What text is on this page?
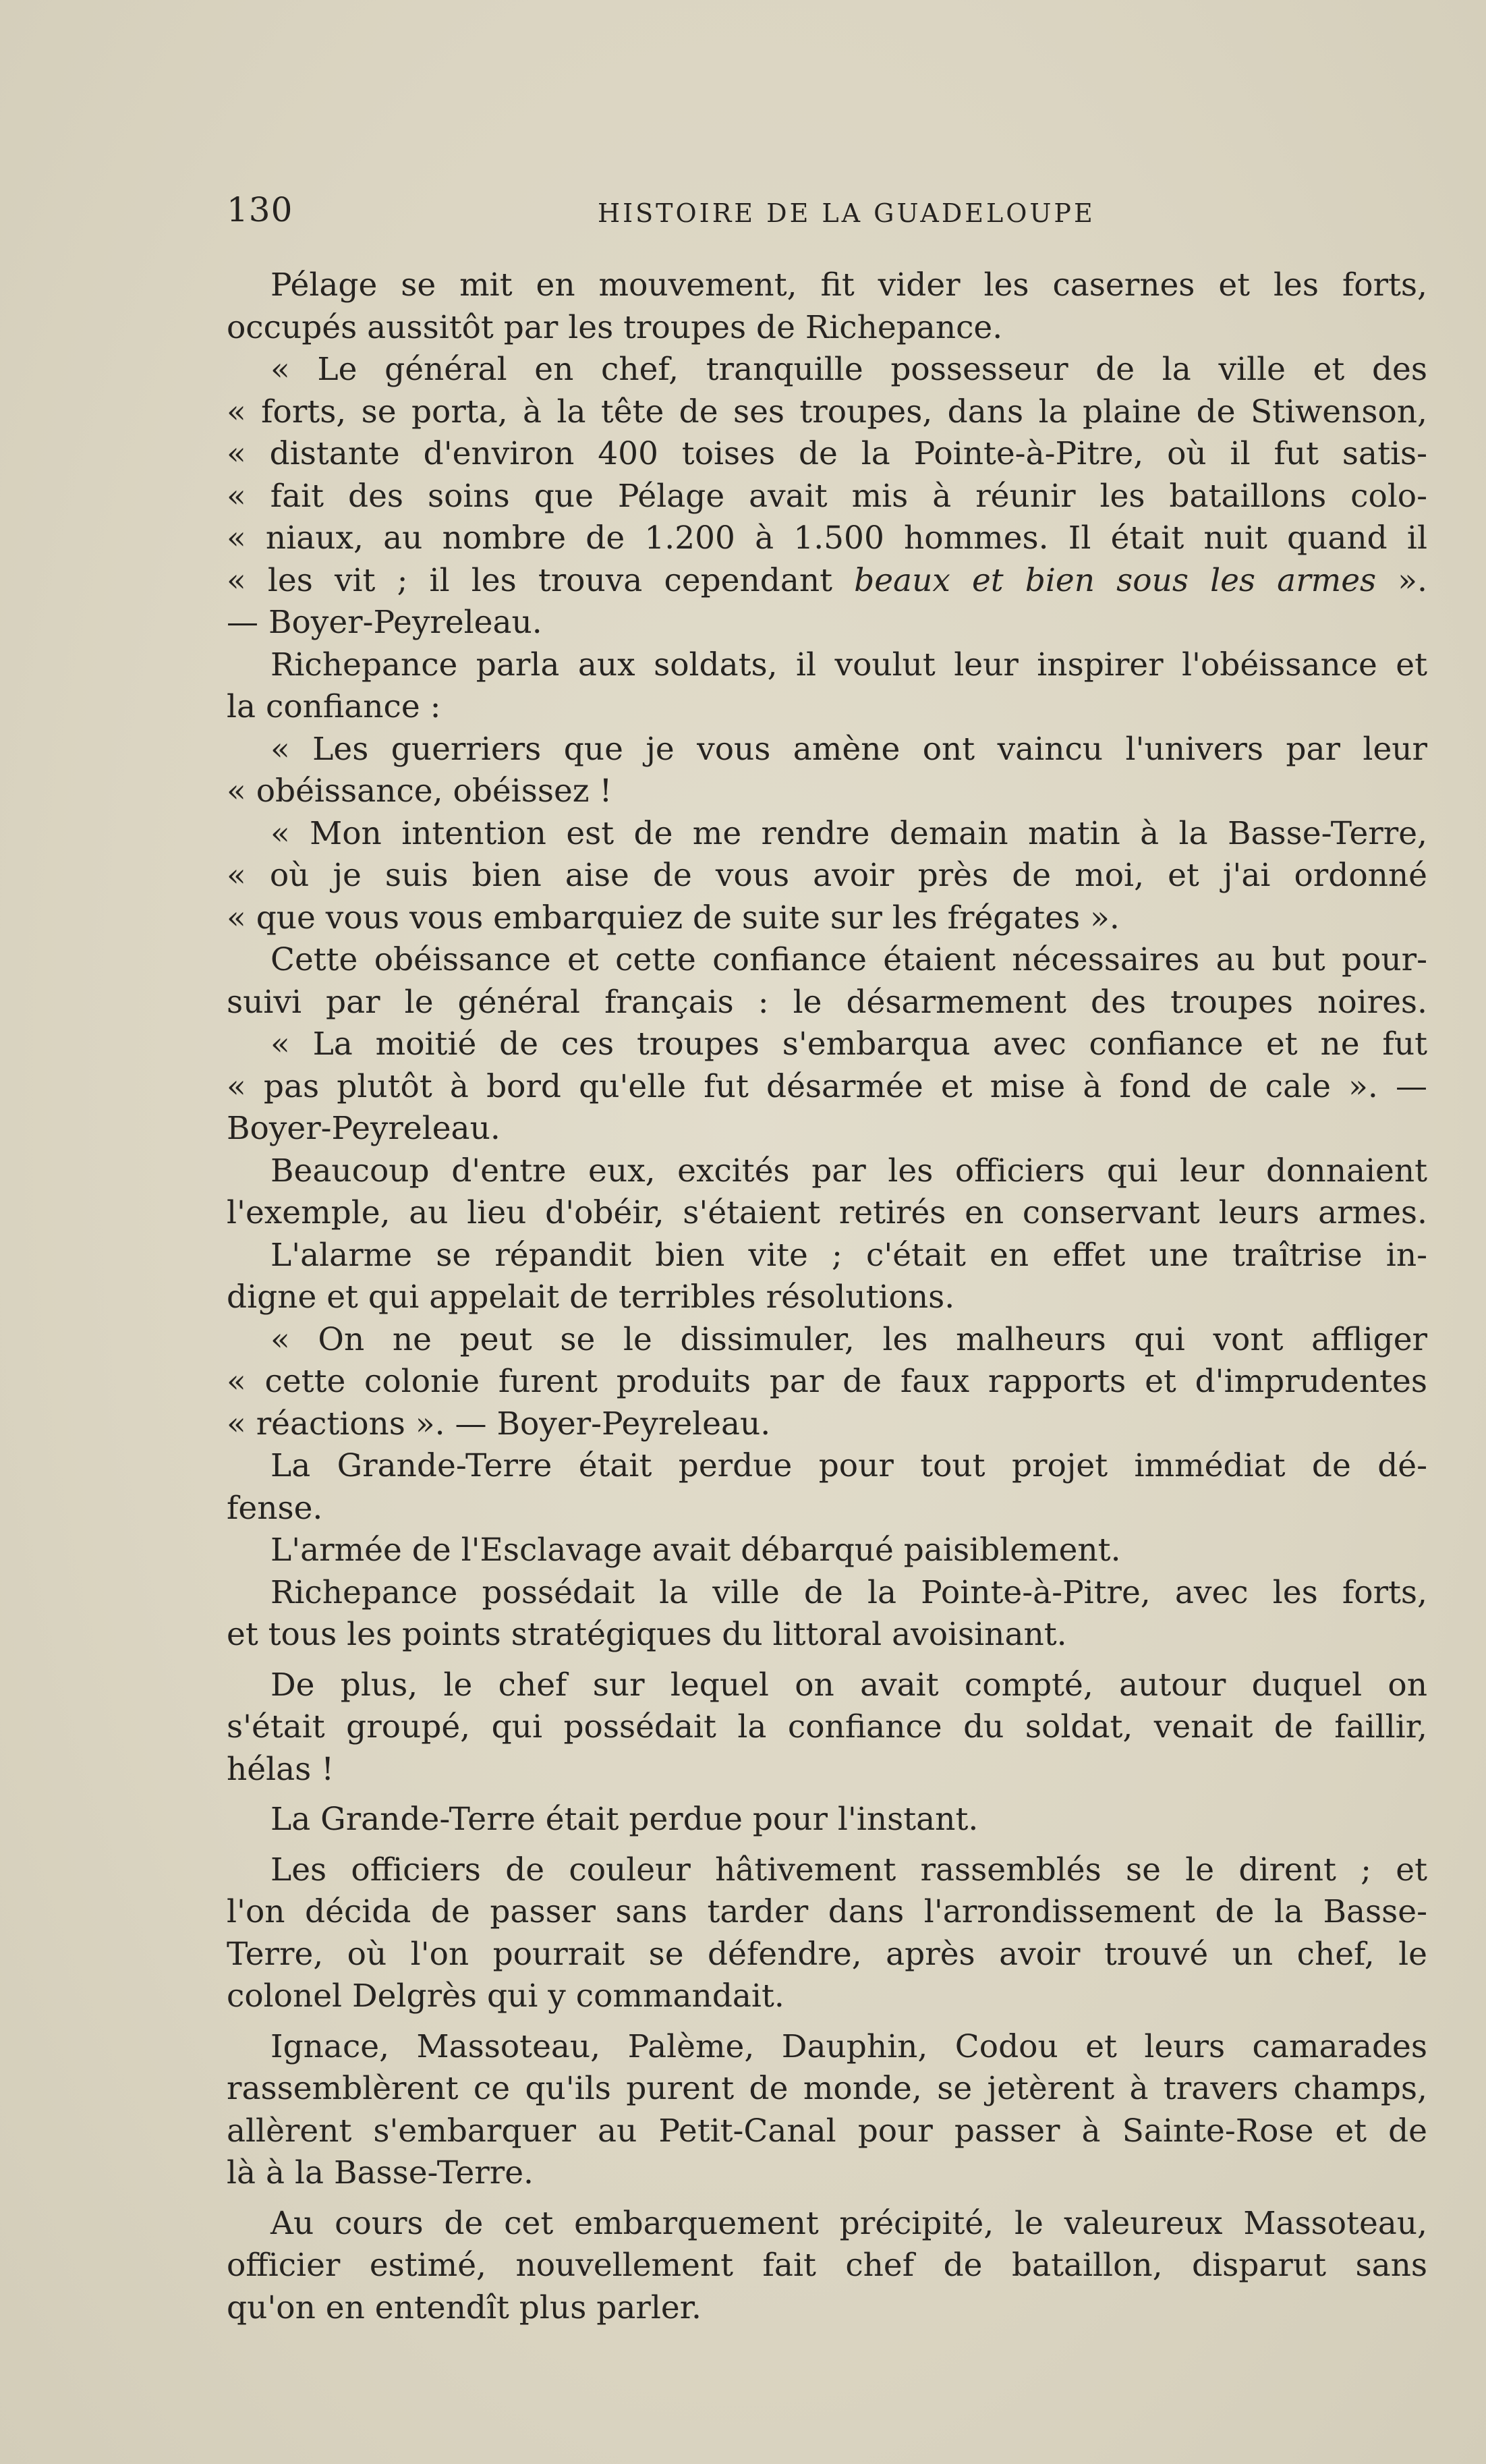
130	HISTOIRE DE LA GUADELOUPE
Pélage se mit en mouvement, fit vider les casernes et les forts,
occupés aussitôt par les troupes de Richepance.
« Le général en chef, tranquille possesseur de la ville et des
« forts, se porta, à la tête de ses troupes, dans la plaine de Stiwenson,
« distante d'environ 400 toises de la Pointe-à-Pitre, où il fut satis-
« fait des soins que Pélage avait mis à réunir les bataillons colo-
« niaux, au nombre de 1.200 à 1.500 hommes. Il était nuit quand il
« les vit ; il les trouva cependant beaux et bien sous les armes ».
— Boyer-Peyreleau.
Richepance parla aux soldats, il voulut leur inspirer l'obéissance et
la confiance :
« Les guerriers que je vous amène ont vaincu l'univers par leur
« obéissance, obéissez !
« Mon intention est de me rendre demain matin à la Basse-Terre,
« où je suis bien aise de vous avoir près de moi, et j'ai ordonné
« que vous vous embarquiez de suite sur les frégates ».
Cette obéissance et cette confiance étaient nécessaires au but pour-
suivi par le général français : le désarmement des troupes noires.
« La moitié de ces troupes s'embarqua avec confiance et ne fut
« pas plutôt à bord qu'elle fut désarmée et mise à fond de cale ». —
Boyer-Peyreleau.
Beaucoup d'entre eux, excités par les officiers qui leur donnaient
l'exemple, au lieu d'obéir, s'étaient retirés en conservant leurs armes.
L'alarme se répandit bien vite ; c'était en effet une traîtrise in-
digne et qui appelait de terribles résolutions.
« On ne peut se le dissimuler, les malheurs qui vont affliger
« cette colonie furent produits par de faux rapports et d'imprudentes
« réactions ». — Boyer-Peyreleau.
La Grande-Terre était perdue pour tout projet immédiat de dé-
fense.
L'armée de l'Esclavage avait débarqué paisiblement.
Richepance possédait la ville de la Pointe-à-Pitre, avec les forts,
et tous les points stratégiques du littoral avoisinant.
De plus, le chef sur lequel on avait compté, autour duquel on
s'était groupé, qui possédait la confiance du soldat, venait de faillir,
hélas !
La Grande-Terre était perdue pour l'instant.
Les officiers de couleur hâtivement rassemblés se le dirent ; et
l'on décida de passer sans tarder dans l'arrondissement de la Basse-
Terre, où l'on pourrait se défendre, après avoir trouvé un chef, le
colonel Delgrès qui y commandait.
Ignace, Massoteau, Palème, Dauphin, Codou et leurs camarades
rassemblèrent ce qu'ils purent de monde, se jetèrent à travers champs,
allèrent s'embarquer au Petit-Canal pour passer à Sainte-Rose et de
là à la Basse-Terre.
Au cours de cet embarquement précipité, le valeureux Massoteau,
officier estimé, nouvellement fait chef de bataillon, disparut sans
qu'on en entendît plus parler.
